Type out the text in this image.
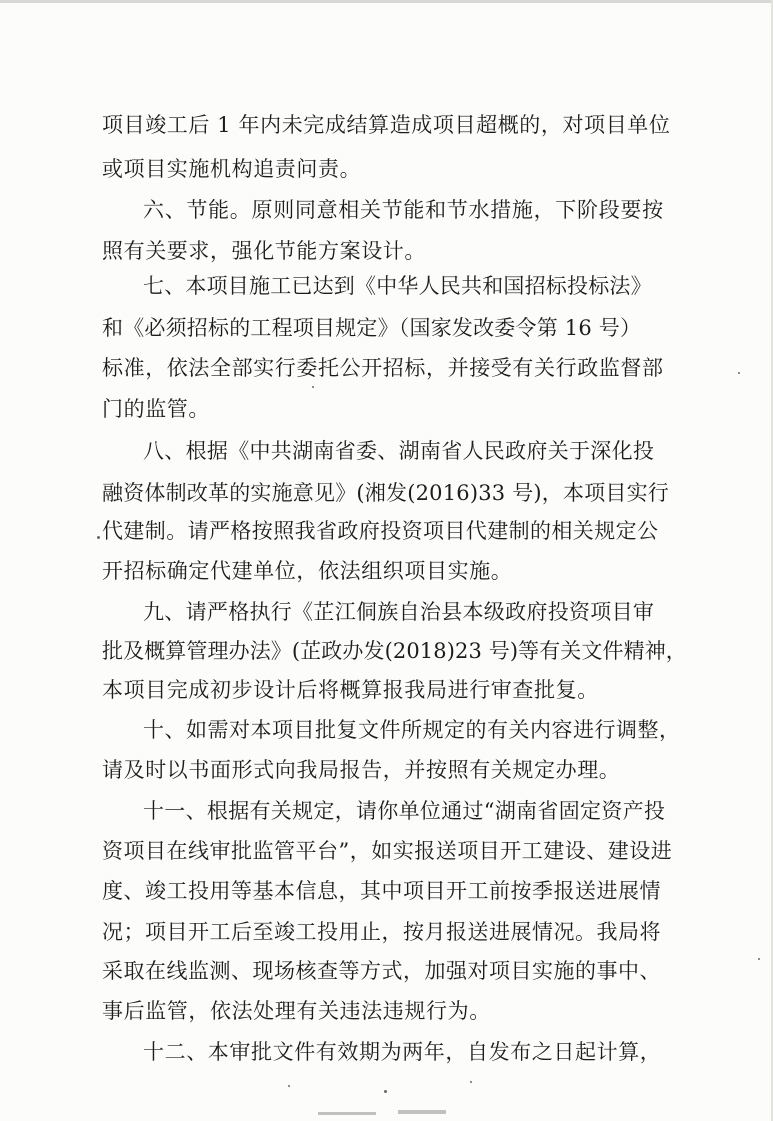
项目竣工后 1 年内未完成结算造成项目超概的，对项目单位
或项目实施机构追责问责。
六、节能。原则同意相关节能和节水措施，下阶段要按
照有关要求，强化节能方案设计。
七、本项目施工已达到《中华人民共和国招标投标法》
和《必须招标的工程项目规定》（国家发改委令第 16 号）
标准，依法全部实行委托公开招标，并接受有关行政监督部
门的监管。
八、根据《中共湖南省委、湖南省人民政府关于深化投
融资体制改革的实施意见》(湘发(2016)33 号)，本项目实行
代建制。请严格按照我省政府投资项目代建制的相关规定公
开招标确定代建单位，依法组织项目实施。
九、请严格执行《芷江侗族自治县本级政府投资项目审
批及概算管理办法》(芷政办发(2018)23 号)等有关文件精神，
本项目完成初步设计后将概算报我局进行审查批复。
十、如需对本项目批复文件所规定的有关内容进行调整，
请及时以书面形式向我局报告，并按照有关规定办理。
十一、根据有关规定，请你单位通过“湖南省固定资产投
资项目在线审批监管平台”，如实报送项目开工建设、建设进
度、竣工投用等基本信息，其中项目开工前按季报送进展情
况；项目开工后至竣工投用止，按月报送进展情况。我局将
采取在线监测、现场核查等方式，加强对项目实施的事中、
事后监管，依法处理有关违法违规行为。
十二、本审批文件有效期为两年，自发布之日起计算，
